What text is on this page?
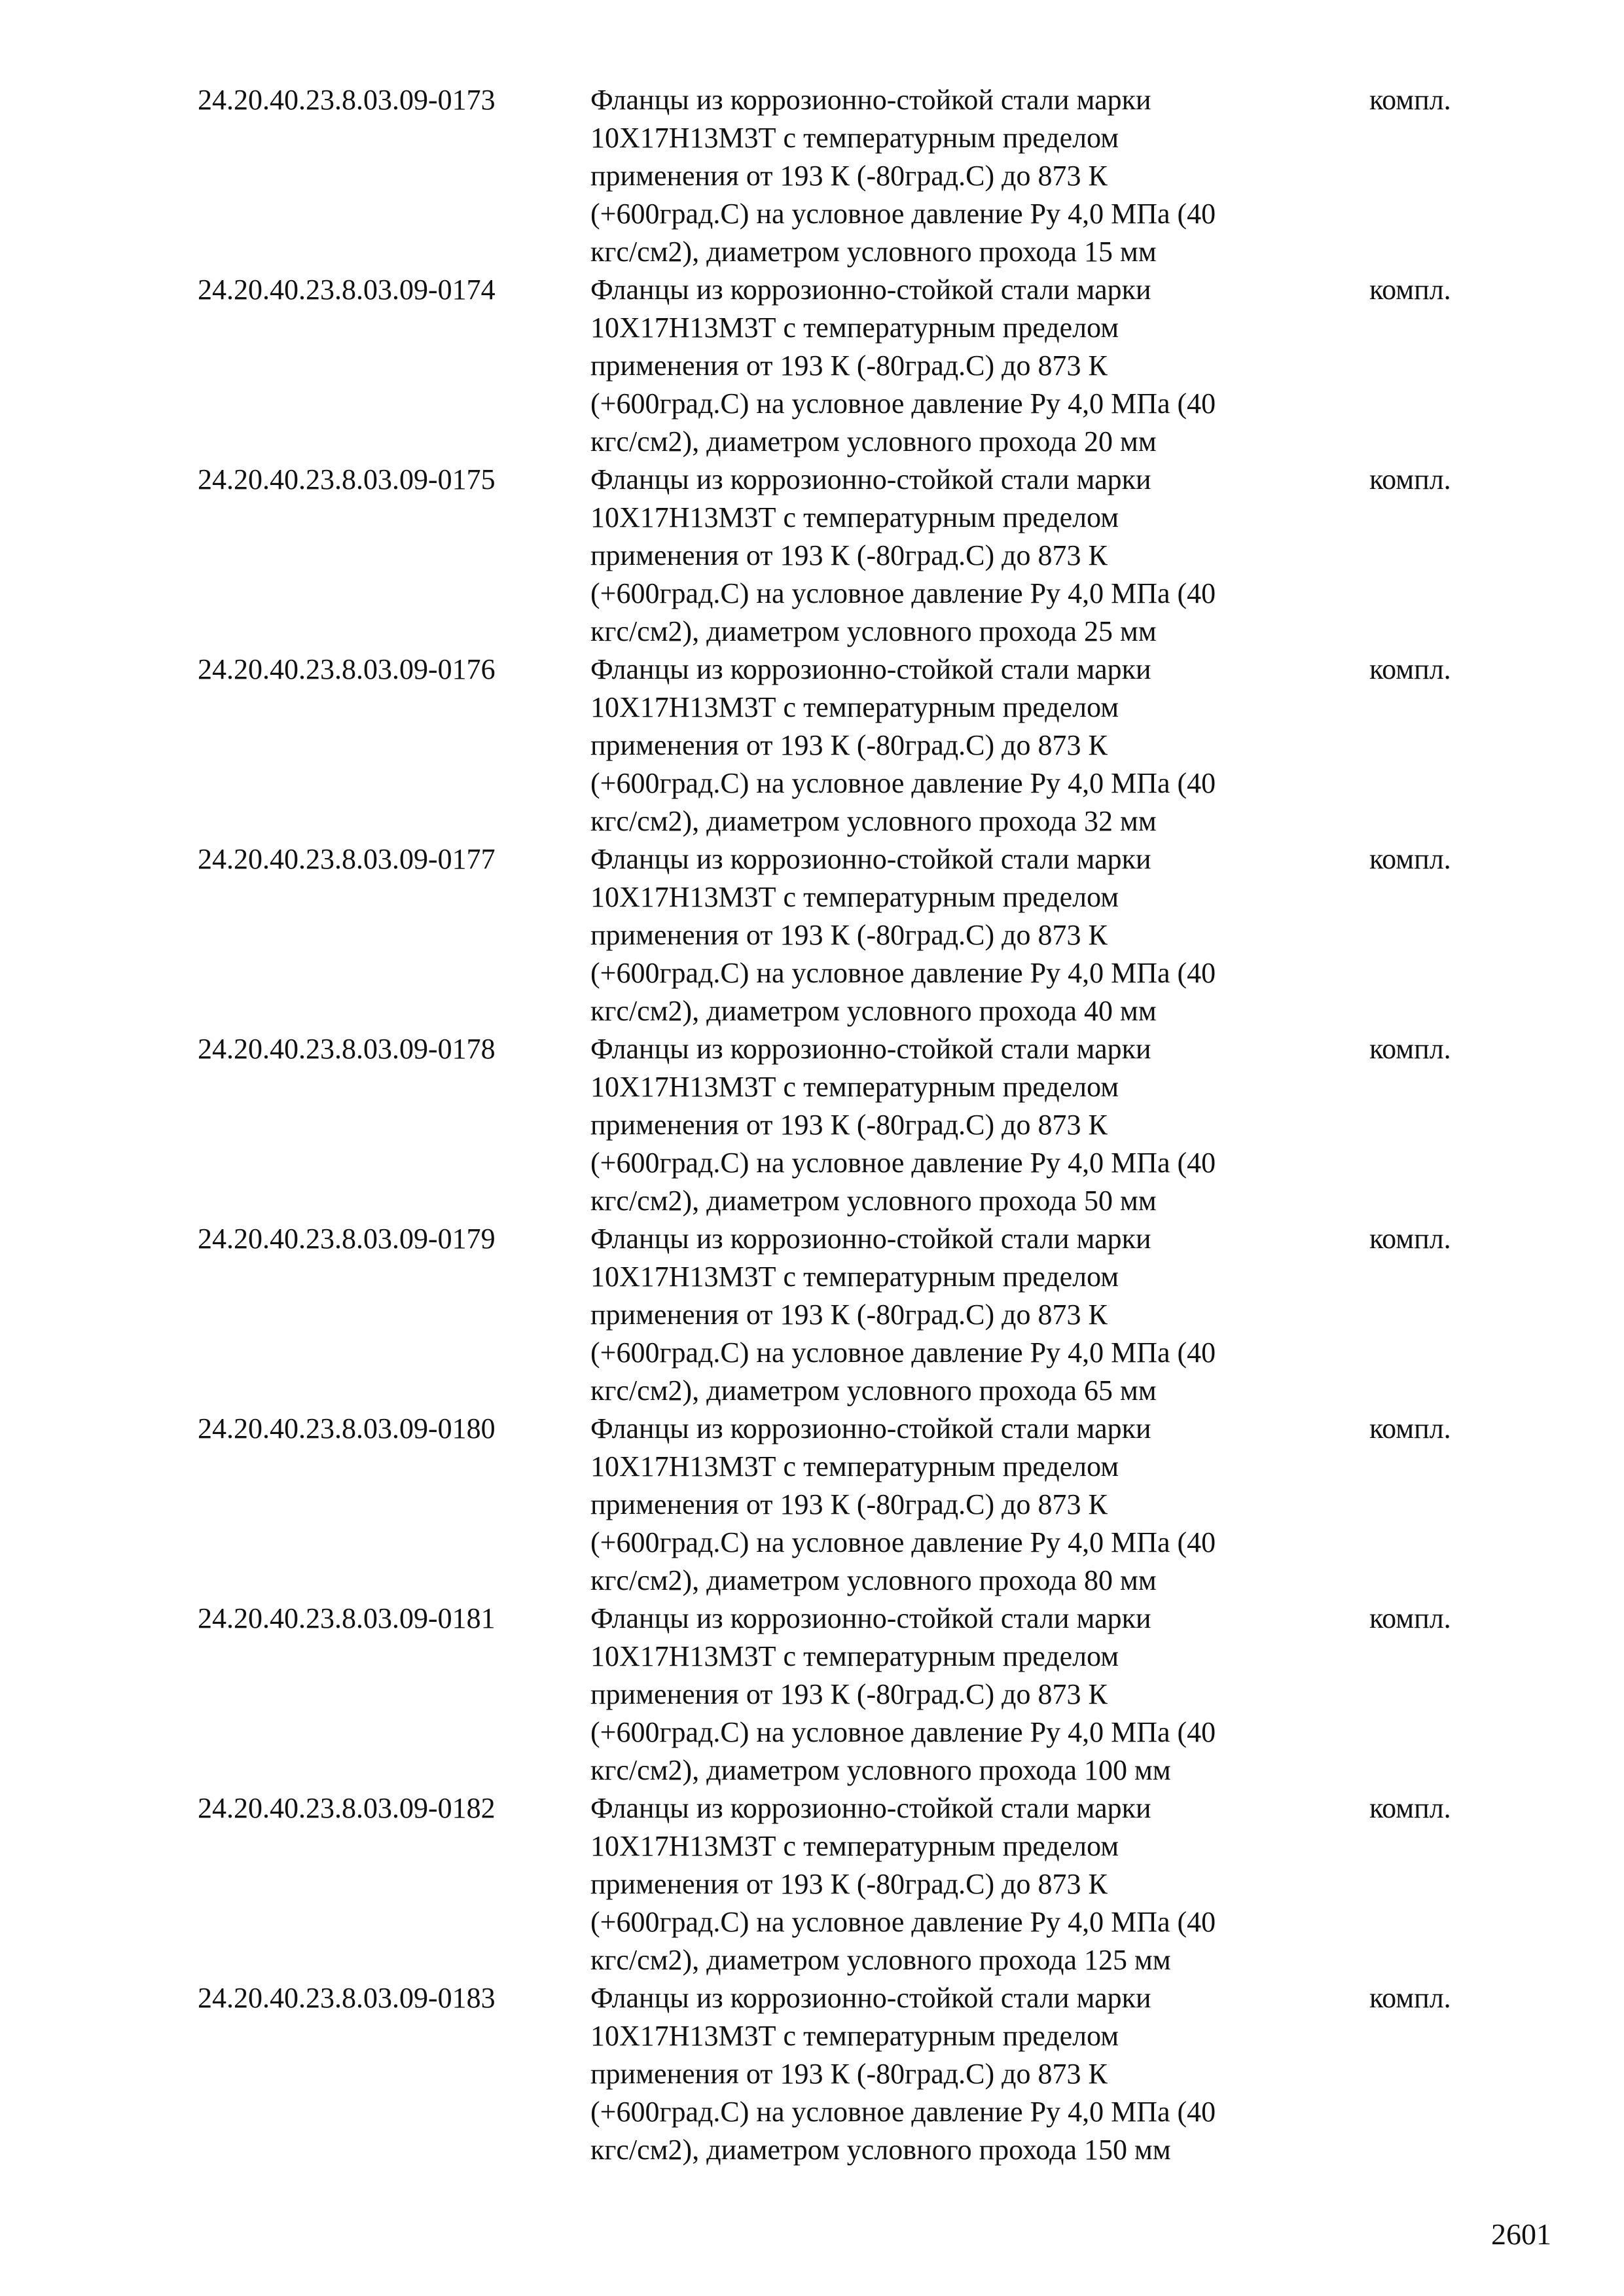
24.20.40.23.8.03.09-0173	Фланцы из коррозионно-стойкой стали марки
10Х17Н13М3Т с температурным пределом
применения от 193 К (-80град.С) до 873 К
(+600град.С) на условное давление Ру 4,0 МПа (40
кгс/см2), диаметром условного прохода 15 мм
компл.
24.20.40.23.8.03.09-0174	Фланцы из коррозионно-стойкой стали марки
10Х17Н13М3Т с температурным пределом
применения от 193 К (-80град.С) до 873 К
(+600град.С) на условное давление Ру 4,0 МПа (40
кгс/см2), диаметром условного прохода 20 мм
компл.
24.20.40.23.8.03.09-0175	Фланцы из коррозионно-стойкой стали марки
10Х17Н13М3Т с температурным пределом
применения от 193 К (-80град.С) до 873 К
(+600град.С) на условное давление Ру 4,0 МПа (40
кгс/см2), диаметром условного прохода 25 мм
компл.
24.20.40.23.8.03.09-0176	Фланцы из коррозионно-стойкой стали марки
10Х17Н13М3Т с температурным пределом
применения от 193 К (-80град.С) до 873 К
(+600град.С) на условное давление Ру 4,0 МПа (40
кгс/см2), диаметром условного прохода 32 мм
компл.
24.20.40.23.8.03.09-0177	Фланцы из коррозионно-стойкой стали марки
10Х17Н13М3Т с температурным пределом
применения от 193 К (-80град.С) до 873 К
(+600град.С) на условное давление Ру 4,0 МПа (40
кгс/см2), диаметром условного прохода 40 мм
компл.
24.20.40.23.8.03.09-0178	Фланцы из коррозионно-стойкой стали марки
10Х17Н13М3Т с температурным пределом
применения от 193 К (-80град.С) до 873 К
(+600град.С) на условное давление Ру 4,0 МПа (40
кгс/см2), диаметром условного прохода 50 мм
компл.
24.20.40.23.8.03.09-0179	Фланцы из коррозионно-стойкой стали марки
10Х17Н13М3Т с температурным пределом
применения от 193 К (-80град.С) до 873 К
(+600град.С) на условное давление Ру 4,0 МПа (40
кгс/см2), диаметром условного прохода 65 мм
компл.
24.20.40.23.8.03.09-0180	Фланцы из коррозионно-стойкой стали марки
10Х17Н13М3Т с температурным пределом
применения от 193 К (-80град.С) до 873 К
(+600град.С) на условное давление Ру 4,0 МПа (40
кгс/см2), диаметром условного прохода 80 мм
компл.
24.20.40.23.8.03.09-0181	Фланцы из коррозионно-стойкой стали марки
10Х17Н13М3Т с температурным пределом
применения от 193 К (-80град.С) до 873 К
(+600град.С) на условное давление Ру 4,0 МПа (40
кгс/см2), диаметром условного прохода 100 мм
компл.
24.20.40.23.8.03.09-0182	Фланцы из коррозионно-стойкой стали марки
10Х17Н13М3Т с температурным пределом
применения от 193 К (-80град.С) до 873 К
(+600град.С) на условное давление Ру 4,0 МПа (40
кгс/см2), диаметром условного прохода 125 мм
компл.
24.20.40.23.8.03.09-0183	Фланцы из коррозионно-стойкой стали марки
10Х17Н13М3Т с температурным пределом
применения от 193 К (-80град.С) до 873 К
(+600град.С) на условное давление Ру 4,0 МПа (40
кгс/см2), диаметром условного прохода 150 мм
компл.
2601
